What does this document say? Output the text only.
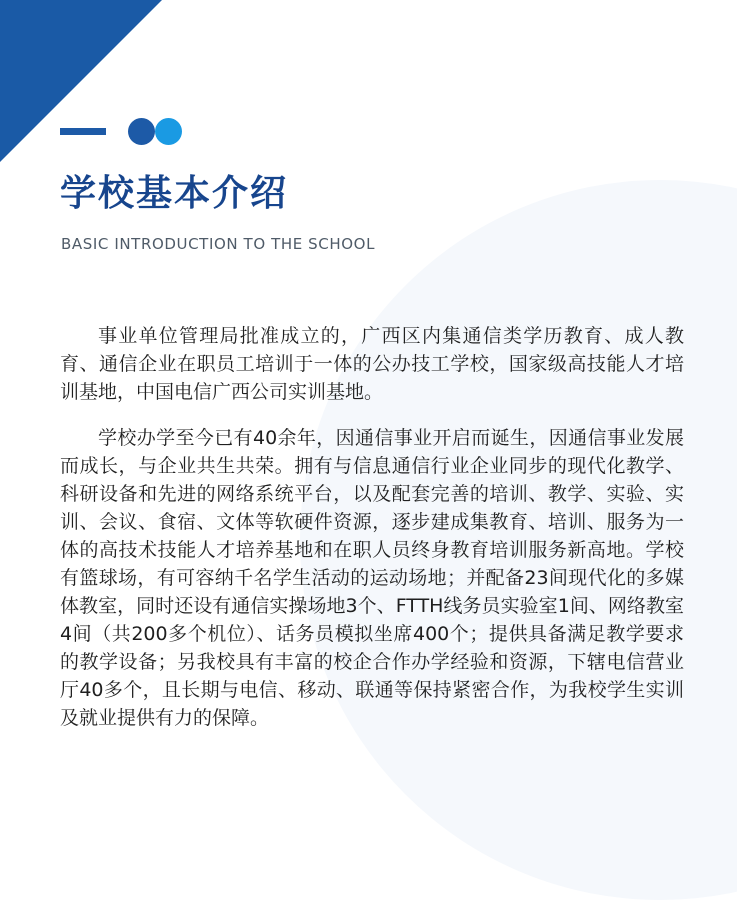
学校基本介绍
BASIC INTRODUCTION TO THE SCHOOL

事业单位管理局批准成立的，广西区内集通信类学历教育、成人教育、通信企业在职员工培训于一体的公办技工学校，国家级高技能人才培训基地，中国电信广西公司实训基地。

学校办学至今已有40余年，因通信事业开启而诞生，因通信事业发展而成长，与企业共生共荣。拥有与信息通信行业企业同步的现代化教学、科研设备和先进的网络系统平台，以及配套完善的培训、教学、实验、实训、会议、食宿、文体等软硬件资源，逐步建成集教育、培训、服务为一体的高技术技能人才培养基地和在职人员终身教育培训服务新高地。学校有篮球场，有可容纳千名学生活动的运动场地；并配备23间现代化的多媒体教室，同时还设有通信实操场地3个、FTTH线务员实验室1间、网络教室4间（共200多个机位）、话务员模拟坐席400个；提供具备满足教学要求的教学设备；另我校具有丰富的校企合作办学经验和资源，下辖电信营业厅40多个，且长期与电信、移动、联通等保持紧密合作，为我校学生实训及就业提供有力的保障。
